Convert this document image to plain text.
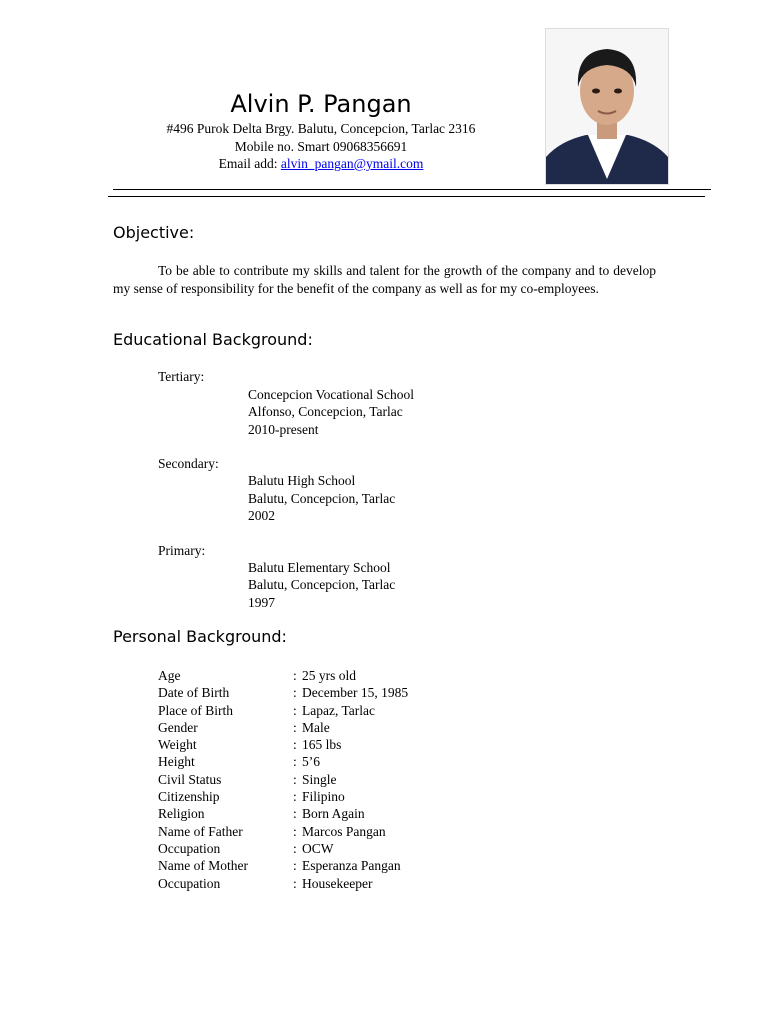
Alvin P. Pangan
#496 Purok Delta Brgy. Balutu, Concepcion, Tarlac 2316
Mobile no. Smart 09068356691
Email add: alvin_pangan@ymail.com
Objective:
To be able to contribute my skills and talent for the growth of the company and to develop my sense of responsibility for the benefit of the company as well as for my co-employees.
Educational Background:
Tertiary:
Concepcion Vocational School
Alfonso, Concepcion, Tarlac
2010-present
Secondary:
Balutu High School
Balutu, Concepcion, Tarlac
2002
Primary:
Balutu Elementary School
Balutu, Concepcion, Tarlac
1997
Personal Background:
Age	: 25 yrs old
Date of Birth	: December 15, 1985
Place of Birth	: Lapaz, Tarlac
Gender	: Male
Weight	: 165 lbs
Height	: 5’6
Civil Status	: Single
Citizenship	: Filipino
Religion	: Born Again
Name of Father	: Marcos Pangan
Occupation	: OCW
Name of Mother	: Esperanza Pangan
Occupation	: Housekeeper
